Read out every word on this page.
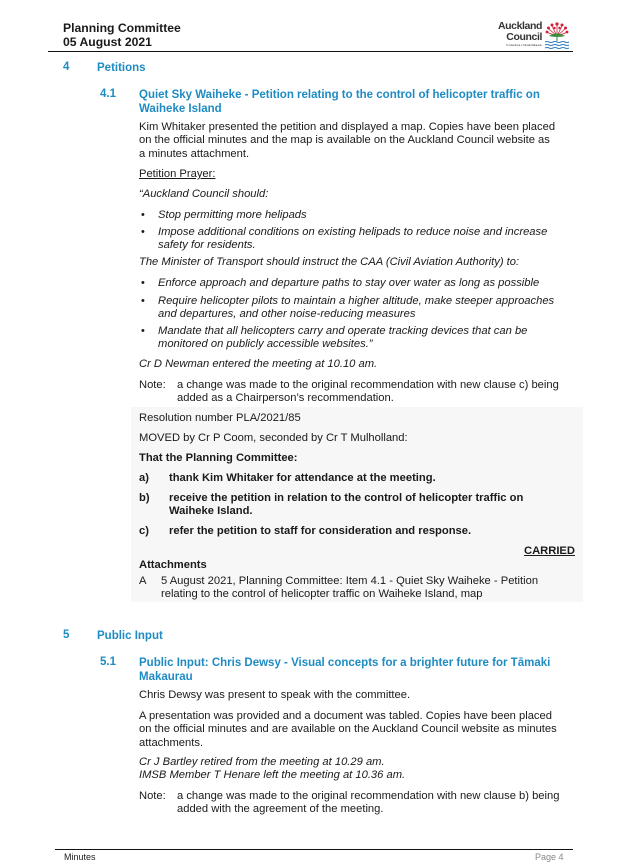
Planning Committee
05 August 2021
Auckland
Council
Te Kaunihera o Tāmaki Makaurau
4 Petitions
4.1 Quiet Sky Waiheke - Petition relating to the control of helicopter traffic on
Waiheke Island
Kim Whitaker presented the petition and displayed a map. Copies have been placed
on the official minutes and the map is available on the Auckland Council website as
a minutes attachment.
Petition Prayer:
“Auckland Council should:
• Stop permitting more helipads
• Impose additional conditions on existing helipads to reduce noise and increase
safety for residents.
The Minister of Transport should instruct the CAA (Civil Aviation Authority) to:
• Enforce approach and departure paths to stay over water as long as possible
• Require helicopter pilots to maintain a higher altitude, make steeper approaches
and departures, and other noise-reducing measures
• Mandate that all helicopters carry and operate tracking devices that can be
monitored on publicly accessible websites.”
Cr D Newman entered the meeting at 10.10 am.
Note: a change was made to the original recommendation with new clause c) being
added as a Chairperson’s recommendation.
Resolution number PLA/2021/85
MOVED by Cr P Coom, seconded by Cr T Mulholland:
That the Planning Committee:
a) thank Kim Whitaker for attendance at the meeting.
b) receive the petition in relation to the control of helicopter traffic on
Waiheke Island.
c) refer the petition to staff for consideration and response.
CARRIED
Attachments
A 5 August 2021, Planning Committee: Item 4.1 - Quiet Sky Waiheke - Petition
relating to the control of helicopter traffic on Waiheke Island, map
5 Public Input
5.1 Public Input: Chris Dewsy - Visual concepts for a brighter future for Tāmaki
Makaurau
Chris Dewsy was present to speak with the committee.
A presentation was provided and a document was tabled. Copies have been placed
on the official minutes and are available on the Auckland Council website as minutes
attachments.
Cr J Bartley retired from the meeting at 10.29 am.
IMSB Member T Henare left the meeting at 10.36 am.
Note: a change was made to the original recommendation with new clause b) being
added with the agreement of the meeting.
Minutes	Page 4
